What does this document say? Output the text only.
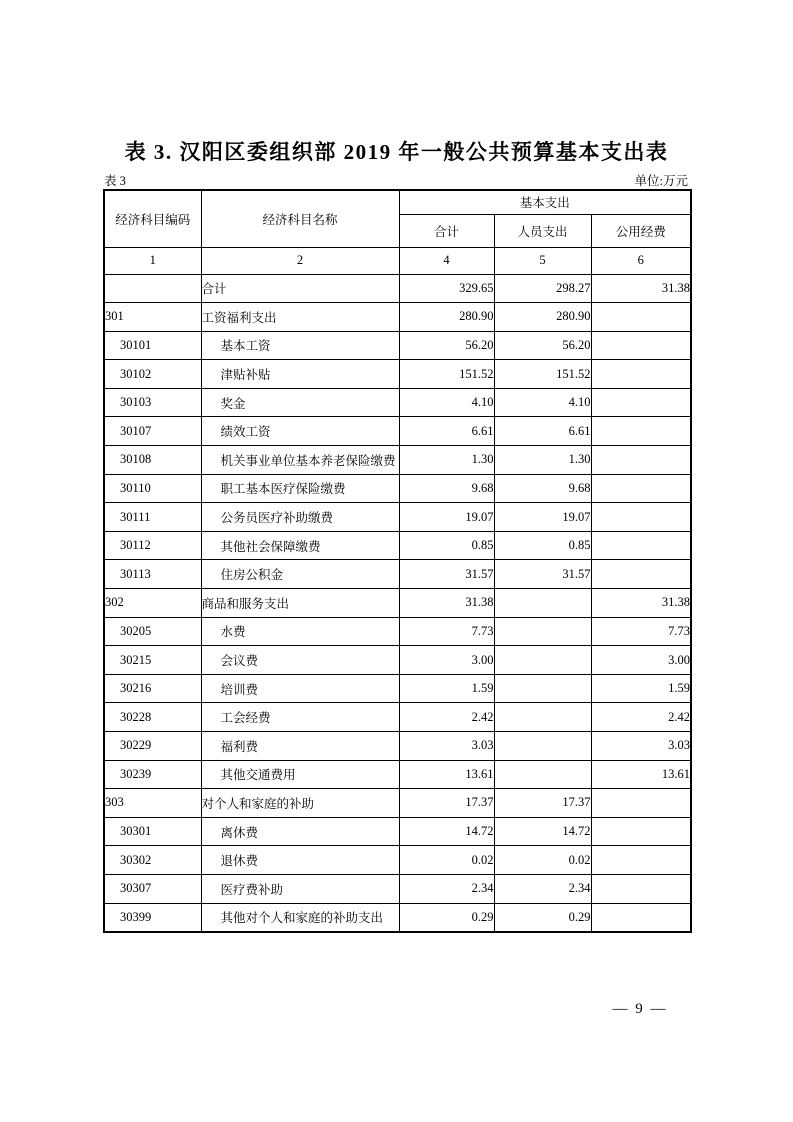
表 3. 汉阳区委组织部 2019 年一般公共预算基本支出表
表 3	单位:万元
经济科目编码	经济科目名称	基本支出		
		合计	人员支出	公用经费
1	2	4	5	6
	合计	329.65	298.27	31.38
301	工资福利支出	280.90	280.90	
30101	基本工资	56.20	56.20	
30102	津贴补贴	151.52	151.52	
30103	奖金	4.10	4.10	
30107	绩效工资	6.61	6.61	
30108	机关事业单位基本养老保险缴费	1.30	1.30	
30110	职工基本医疗保险缴费	9.68	9.68	
30111	公务员医疗补助缴费	19.07	19.07	
30112	其他社会保障缴费	0.85	0.85	
30113	住房公积金	31.57	31.57	
302	商品和服务支出	31.38		31.38
30205	水费	7.73		7.73
30215	会议费	3.00		3.00
30216	培训费	1.59		1.59
30228	工会经费	2.42		2.42
30229	福利费	3.03		3.03
30239	其他交通费用	13.61		13.61
303	对个人和家庭的补助	17.37	17.37	
30301	离休费	14.72	14.72	
30302	退休费	0.02	0.02	
30307	医疗费补助	2.34	2.34	
30399	其他对个人和家庭的补助支出	0.29	0.29	
— 9 —
